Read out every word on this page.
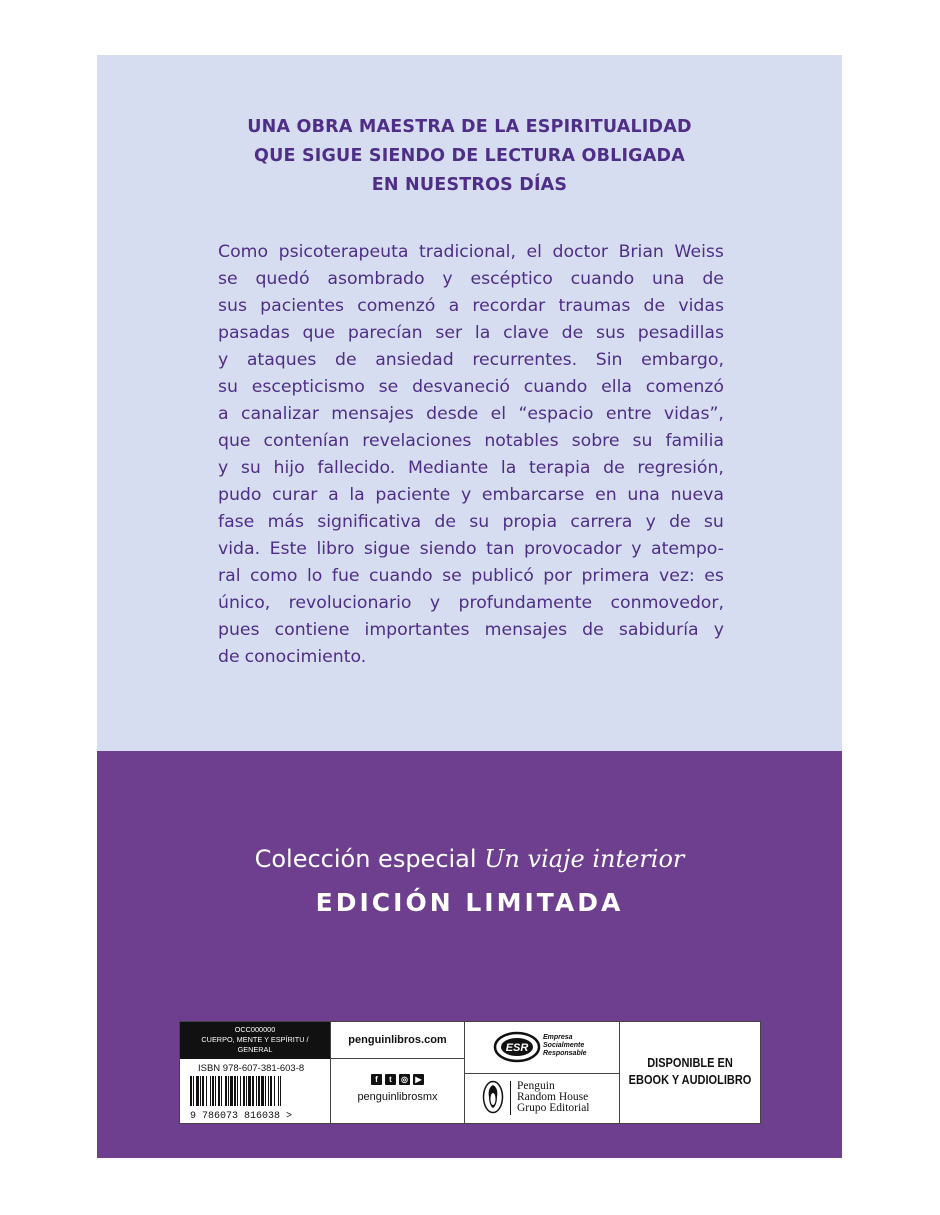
UNA OBRA MAESTRA DE LA ESPIRITUALIDAD
QUE SIGUE SIENDO DE LECTURA OBLIGADA
EN NUESTROS DÍAS
Como psicoterapeuta tradicional, el doctor Brian Weiss
se quedó asombrado y escéptico cuando una de
sus pacientes comenzó a recordar traumas de vidas
pasadas que parecían ser la clave de sus pesadillas
y ataques de ansiedad recurrentes. Sin embargo,
su escepticismo se desvaneció cuando ella comenzó
a canalizar mensajes desde el “espacio entre vidas”,
que contenían revelaciones notables sobre su familia
y su hijo fallecido. Mediante la terapia de regresión,
pudo curar a la paciente y embarcarse en una nueva
fase más significativa de su propia carrera y de su
vida. Este libro sigue siendo tan provocador y atempo-
ral como lo fue cuando se publicó por primera vez: es
único, revolucionario y profundamente conmovedor,
pues contiene importantes mensajes de sabiduría y
de conocimiento.
Colección especial Un viaje interior
EDICIÓN LIMITADA
OCC000000
CUERPO, MENTE Y ESPÍRITU /
GENERAL
ISBN 978-607-381-603-8
9 786073 816038 >
penguinlibros.com
f	t	◎ ▶
penguinlibrosmx
ESR
Empresa
Socialmente
Responsable
Penguin
Random House
Grupo Editorial
DISPONIBLE EN
EBOOK Y AUDIOLIBRO
